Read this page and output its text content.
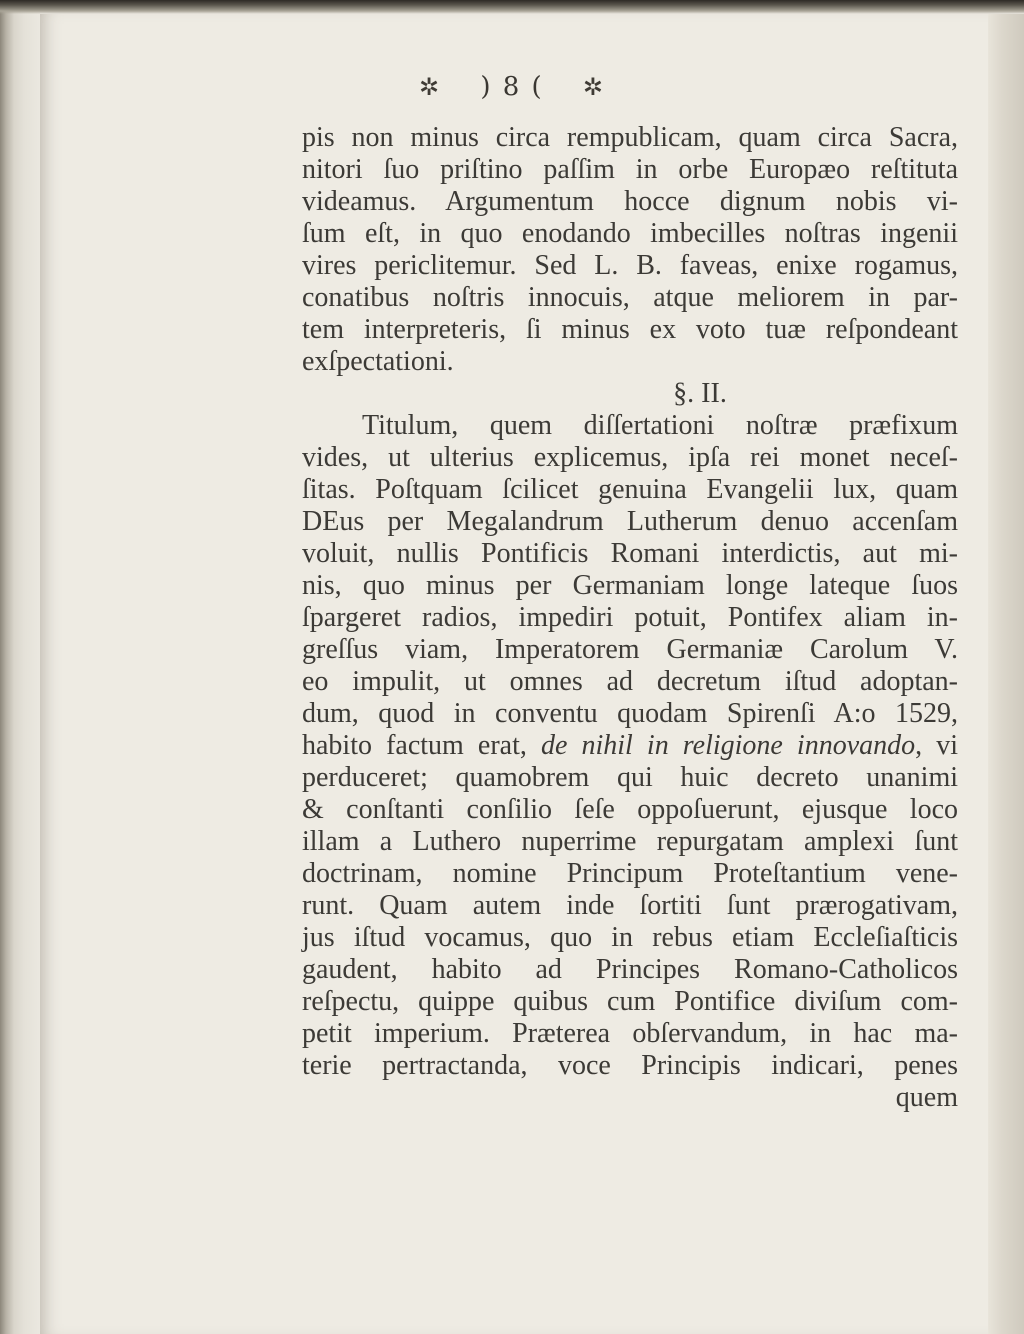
✲ ) 8 ( ✲
pis non minus circa rempublicam, quam circa Sacra,
nitori ſuo priſtino paſſim in orbe Europæo reſtituta
videamus. Argumentum hocce dignum nobis vi-
ſum eſt, in quo enodando imbecilles noſtras ingenii
vires periclitemur. Sed L. B. faveas, enixe rogamus,
conatibus noſtris innocuis, atque meliorem in par-
tem interpreteris, ſi minus ex voto tuæ reſpondeant
exſpectationi.
§. II.
Titulum, quem diſſertationi noſtræ præfixum
vides, ut ulterius explicemus, ipſa rei monet neceſ-
ſitas. Poſtquam ſcilicet genuina Evangelii lux, quam
DEus per Megalandrum Lutherum denuo accenſam
voluit, nullis Pontificis Romani interdictis, aut mi-
nis, quo minus per Germaniam longe lateque ſuos
ſpargeret radios, impediri potuit, Pontifex aliam in-
greſſus viam, Imperatorem Germaniæ Carolum V.
eo impulit, ut omnes ad decretum iſtud adoptan-
dum, quod in conventu quodam Spirenſi A:o 1529,
habito factum erat, de nihil in religione innovando, vi
perduceret; quamobrem qui huic decreto unanimi
& conſtanti conſilio ſeſe oppoſuerunt, ejusque loco
illam a Luthero nuperrime repurgatam amplexi ſunt
doctrinam, nomine Principum Proteſtantium vene-
runt. Quam autem inde ſortiti ſunt prærogativam,
jus iſtud vocamus, quo in rebus etiam Eccleſiaſticis
gaudent, habito ad Principes Romano-Catholicos
reſpectu, quippe quibus cum Pontifice diviſum com-
petit imperium. Præterea obſervandum, in hac ma-
terie pertractanda, voce Principis indicari, penes
quem
